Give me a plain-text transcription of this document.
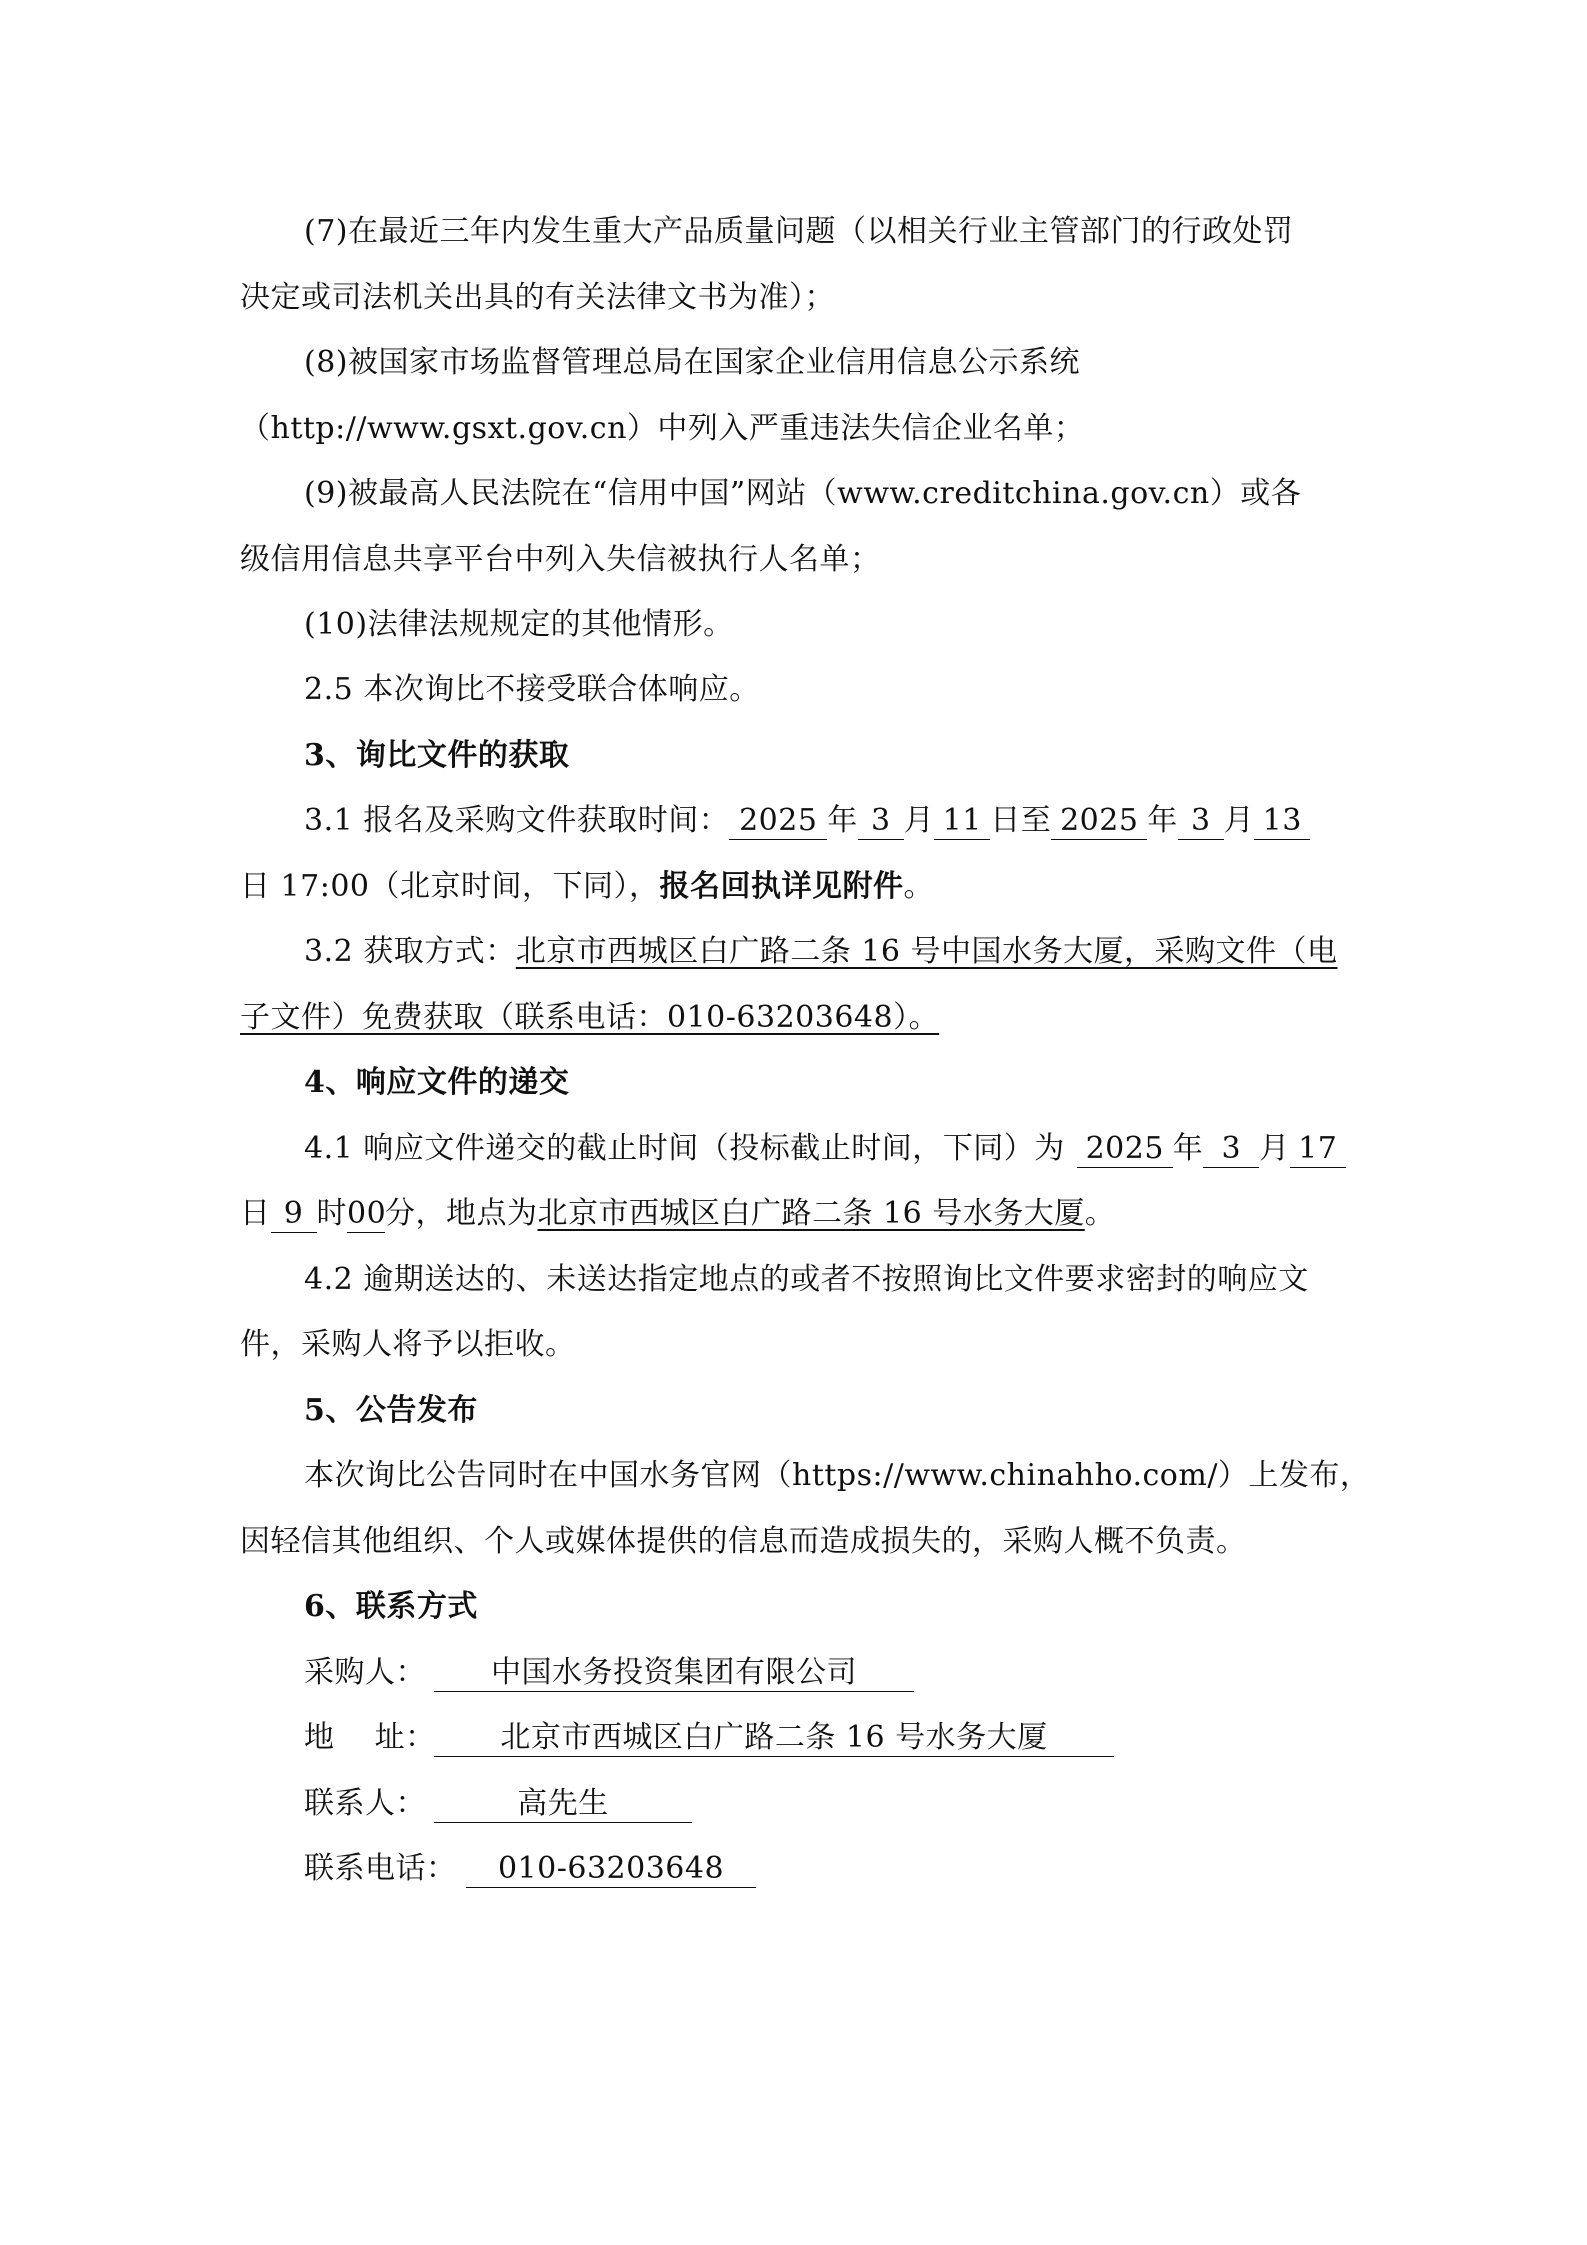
(7)在最近三年内发生重大产品质量问题（以相关行业主管部门的行政处罚
决定或司法机关出具的有关法律文书为准）；
(8)被国家市场监督管理总局在国家企业信用信息公示系统
（http://www.gsxt.gov.cn）中列入严重违法失信企业名单；
(9)被最高人民法院在“信用中国”网站（www.creditchina.gov.cn）或各
级信用信息共享平台中列入失信被执行人名单；
(10)法律法规规定的其他情形。
2.5 本次询比不接受联合体响应。
3、询比文件的获取
3.1 报名及采购文件获取时间： 2025 年 3 月 11 日至 2025 年 3 月 13
日 17:00（北京时间，下同），报名回执详见附件。
3.2 获取方式：北京市西城区白广路二条 16 号中国水务大厦，采购文件（电
子文件）免费获取（联系电话：010-63203648）。
4、响应文件的递交
4.1 响应文件递交的截止时间（投标截止时间，下同）为 2025 年 3 月 17
日 9 时00分，地点为北京市西城区白广路二条 16 号水务大厦。
4.2 逾期送达的、未送达指定地点的或者不按照询比文件要求密封的响应文
件，采购人将予以拒收。
5、公告发布
本次询比公告同时在中国水务官网（https://www.chinahho.com/）上发布，
因轻信其他组织、个人或媒体提供的信息而造成损失的，采购人概不负责。
6、联系方式
采购人： 中国水务投资集团有限公司
地    址： 北京市西城区白广路二条 16 号水务大厦
联系人：	高先生
联系电话： 010-63203648
